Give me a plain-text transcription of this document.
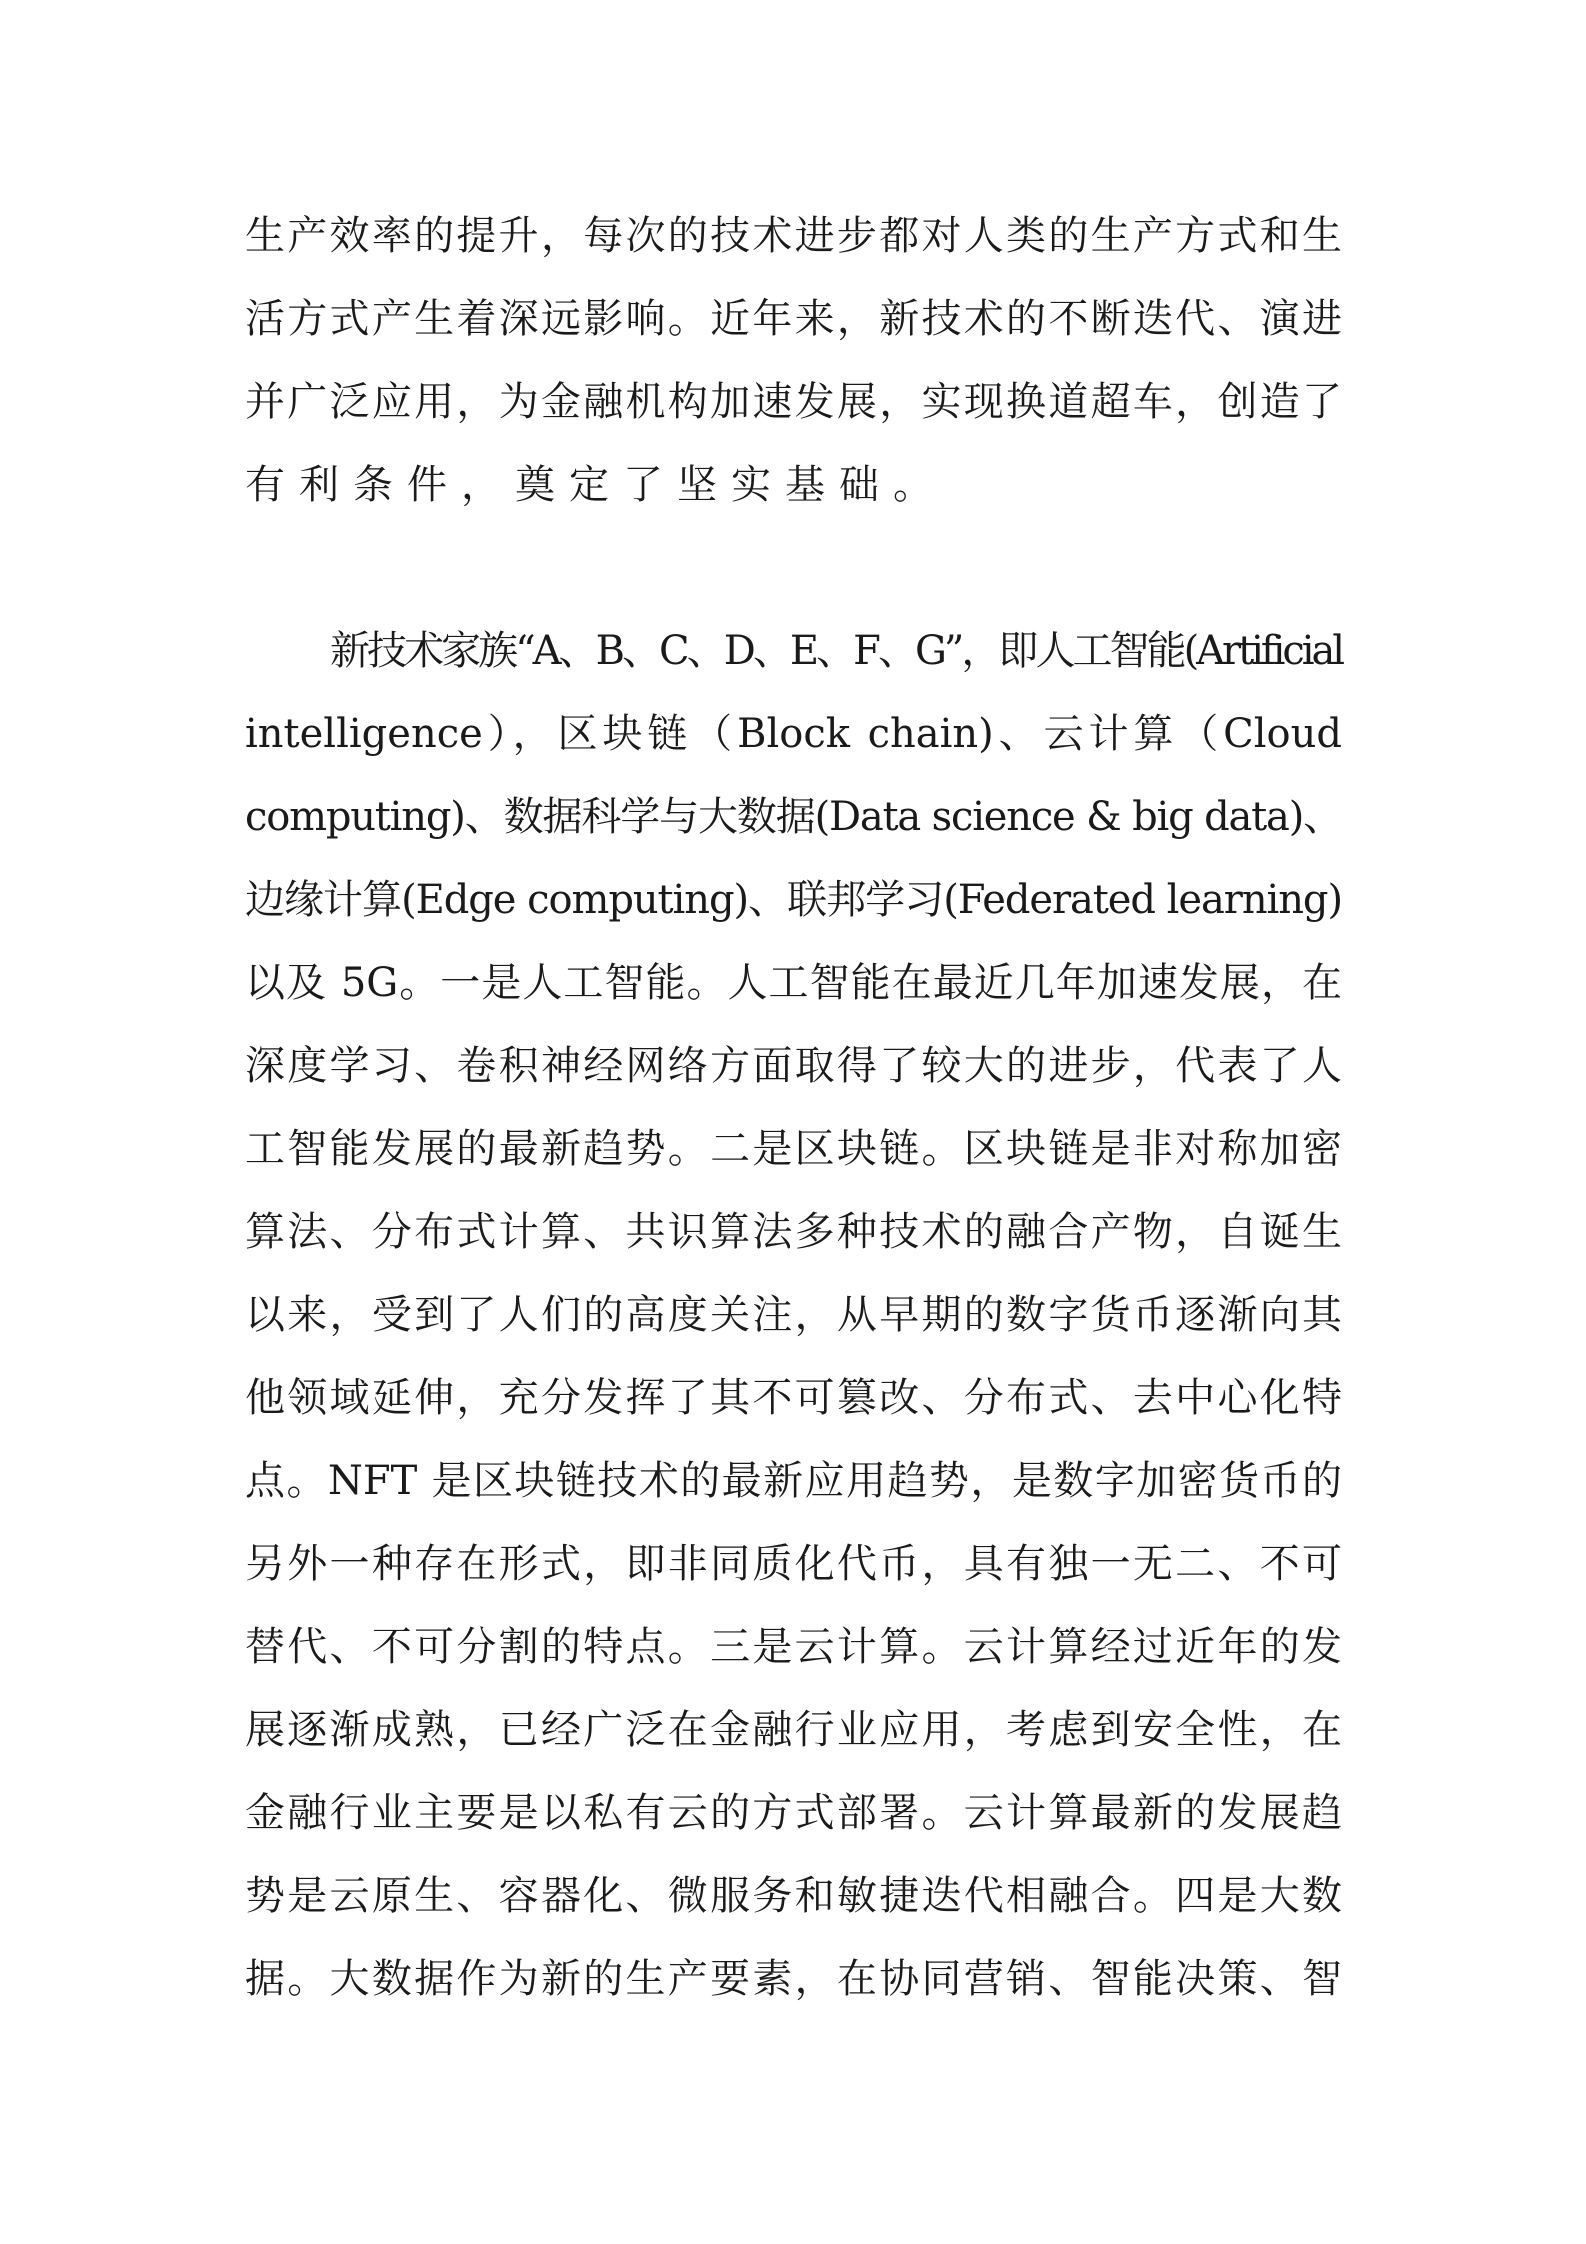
生产效率的提升，每次的技术进步都对人类的生产方式和生
活方式产生着深远影响。近年来，新技术的不断迭代、演进
并广泛应用，为金融机构加速发展，实现换道超车，创造了
有利条件，奠定了坚实基础。
新技术家族“A、B、C、D、E、F、G”，即人工智能(Artificial
intelligence），区块链（Block chain)、云计算（Cloud
computing)、数据科学与大数据(Data science & big data)、
边缘计算(Edge computing)、联邦学习(Federated learning)
以及 5G。一是人工智能。人工智能在最近几年加速发展，在
深度学习、卷积神经网络方面取得了较大的进步，代表了人
工智能发展的最新趋势。二是区块链。区块链是非对称加密
算法、分布式计算、共识算法多种技术的融合产物，自诞生
以来，受到了人们的高度关注，从早期的数字货币逐渐向其
他领域延伸，充分发挥了其不可篡改、分布式、去中心化特
点。NFT 是区块链技术的最新应用趋势，是数字加密货币的
另外一种存在形式，即非同质化代币，具有独一无二、不可
替代、不可分割的特点。三是云计算。云计算经过近年的发
展逐渐成熟，已经广泛在金融行业应用，考虑到安全性，在
金融行业主要是以私有云的方式部署。云计算最新的发展趋
势是云原生、容器化、微服务和敏捷迭代相融合。四是大数
据。大数据作为新的生产要素，在协同营销、智能决策、智
